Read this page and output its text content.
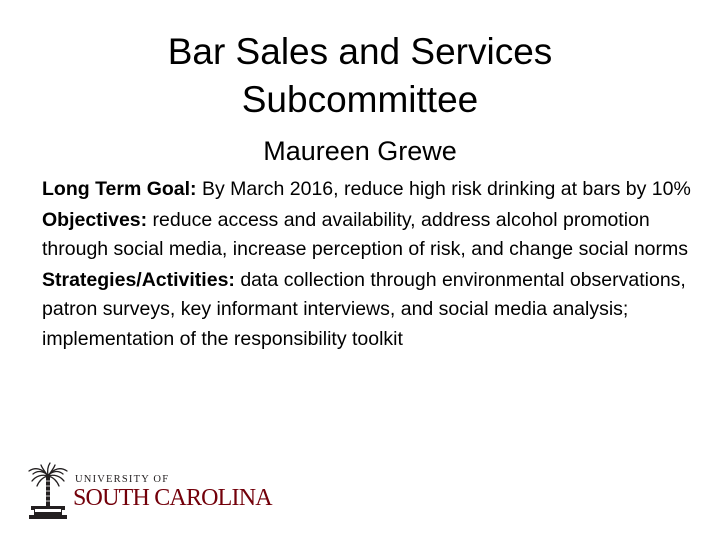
Bar Sales and Services
Subcommittee
Maureen Grewe

Long Term Goal: By March 2016, reduce high risk drinking at bars by 10%

Objectives: reduce access and availability, address alcohol promotion through social media, increase perception of risk, and change social norms

Strategies/Activities: data collection through environmental observations, patron surveys, key informant interviews, and social media analysis; implementation of the responsibility toolkit

UNIVERSITY OF
SOUTH CAROLINA
